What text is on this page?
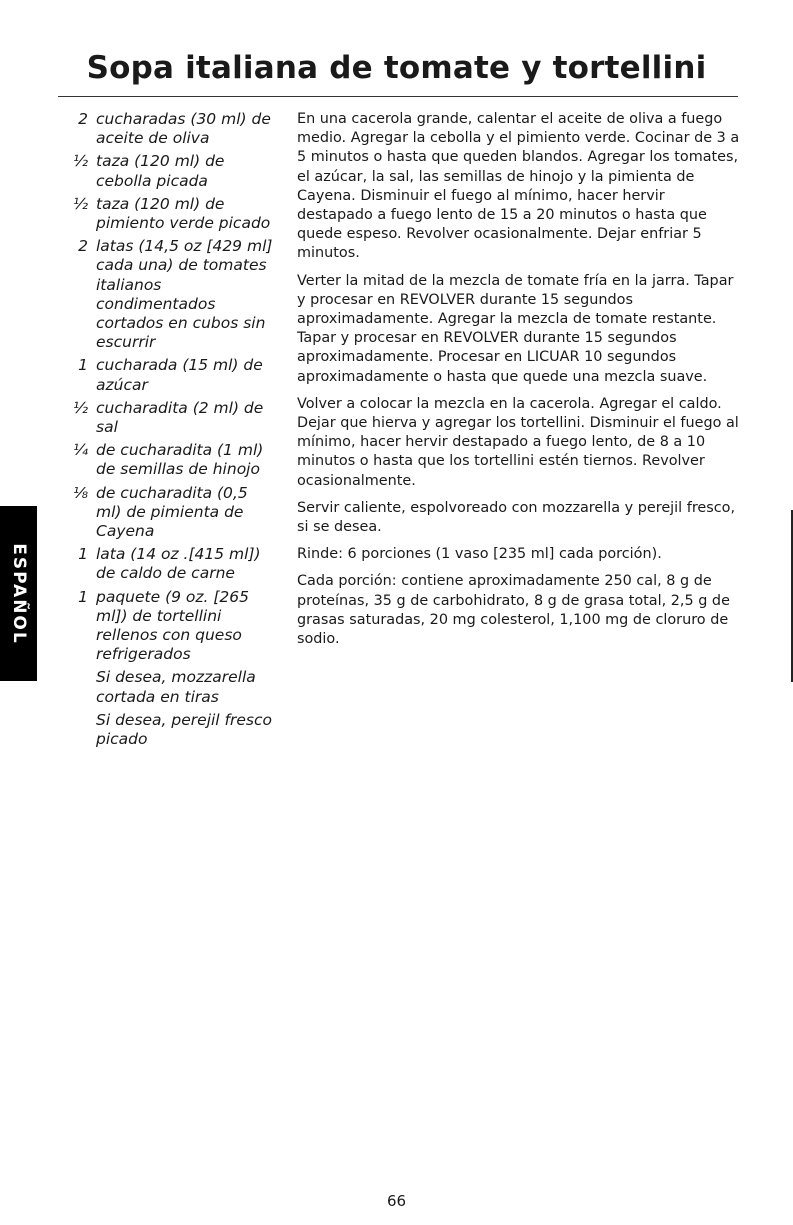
Sopa italiana de tomate y tortellini
2 cucharadas (30 ml) de aceite de oliva
½ taza (120 ml) de cebolla picada
½ taza (120 ml) de pimiento verde picado
2 latas (14,5 oz [429 ml] cada una) de tomates italianos condimentados cortados en cubos sin escurrir
1 cucharada (15 ml) de azúcar
½ cucharadita (2 ml) de sal
¼ de cucharadita (1 ml) de semillas de hinojo
⅛ de cucharadita (0,5 ml) de pimienta de Cayena
1 lata (14 oz .[415 ml]) de caldo de carne
1 paquete (9 oz. [265 ml]) de tortellini rellenos con queso refrigerados
Si desea, mozzarella cortada en tiras
Si desea, perejil fresco picado

En una cacerola grande, calentar el aceite de oliva a fuego medio. Agregar la cebolla y el pimiento verde. Cocinar de 3 a 5 minutos o hasta que queden blandos. Agregar los tomates, el azúcar, la sal, las semillas de hinojo y la pimienta de Cayena. Disminuir el fuego al mínimo, hacer hervir destapado a fuego lento de 15 a 20 minutos o hasta que quede espeso. Revolver ocasionalmente. Dejar enfriar 5 minutos.

Verter la mitad de la mezcla de tomate fría en la jarra. Tapar y procesar en REVOLVER durante 15 segundos aproximadamente. Agregar la mezcla de tomate restante. Tapar y procesar en REVOLVER durante 15 segundos aproximadamente. Procesar en LICUAR 10 segundos aproximadamente o hasta que quede una mezcla suave.

Volver a colocar la mezcla en la cacerola. Agregar el caldo. Dejar que hierva y agregar los tortellini. Disminuir el fuego al mínimo, hacer hervir destapado a fuego lento, de 8 a 10 minutos o hasta que los tortellini estén tiernos. Revolver ocasionalmente.

Servir caliente, espolvoreado con mozzarella y perejil fresco, si se desea.

Rinde: 6 porciones (1 vaso [235 ml] cada porción).

Cada porción: contiene aproximadamente 250 cal, 8 g de proteínas, 35 g de carbohidrato, 8 g de grasa total, 2,5 g de grasas saturadas, 20 mg colesterol, 1,100 mg de cloruro de sodio.

ESPAÑOL
66
